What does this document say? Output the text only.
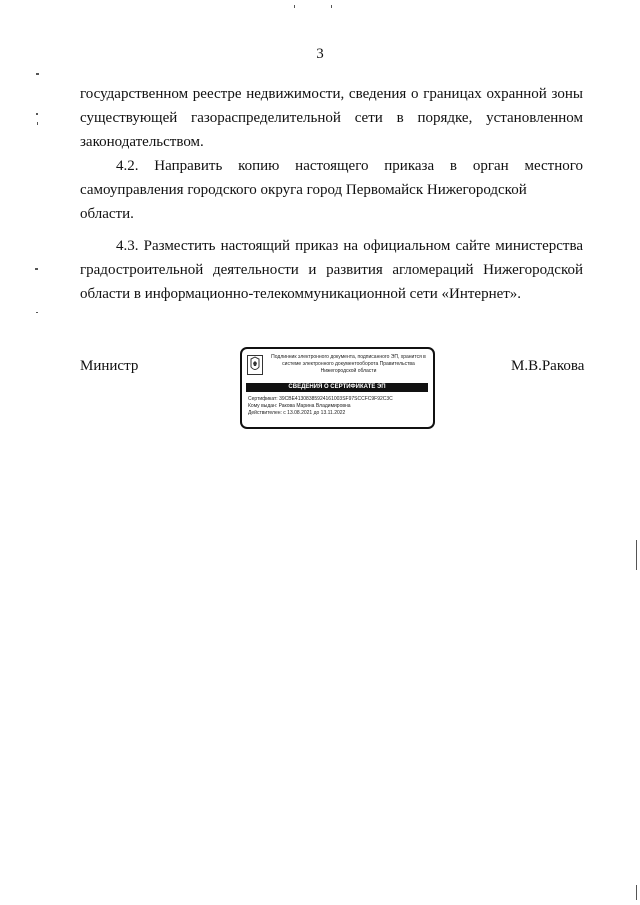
3

государственном реестре недвижимости, сведения о границах охранной зоны
существующей газораспределительной сети в порядке, установленном
законодательством.

4.2. Направить копию настоящего приказа в орган местного
самоуправления городского округа город Первомайск Нижегородской области.

4.3. Разместить настоящий приказ на официальном сайте министерства
градостроительной деятельности и развития агломераций Нижегородской
области в информационно-телекоммуникационной сети «Интернет».

Министр	М.В.Ракова
Подлинник электронного документа, подписанного ЭП, хранится в системе электронного документооборота Правительства Нижегородской области
СВЕДЕНИЯ О СЕРТИФИКАТЕ ЭП
Сертификат: 39CBE41308385924161003SF97SCCFC9F92C3C
Кому выдан: Ракова Марина Владимировна
Действителен: с 13.08.2021 до 13.11.2022
